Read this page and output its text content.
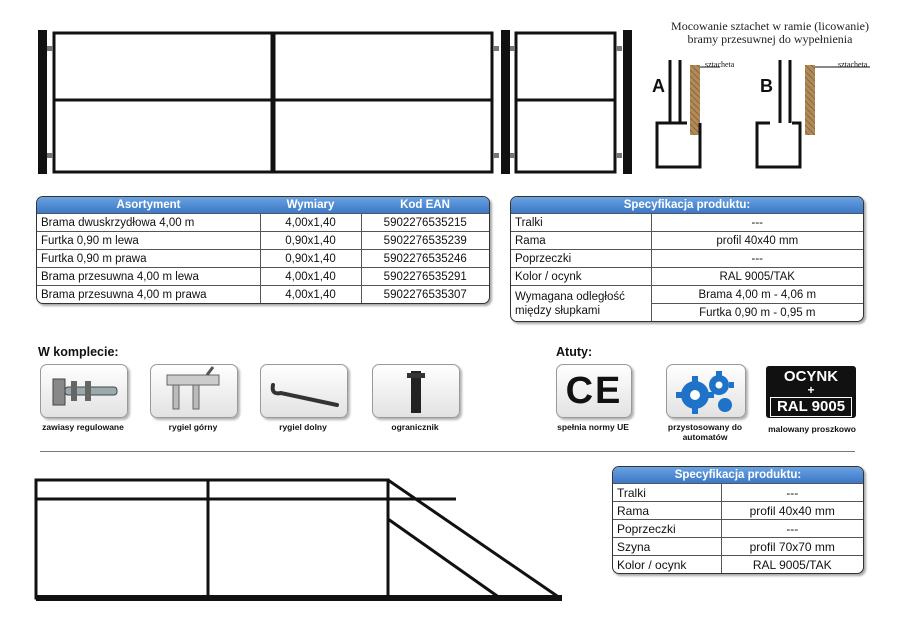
Mocowanie sztachet w ramie (licowanie)
bramy przesuwnej do wypełnienia
A
sztacheta
B
sztacheta
Asortyment	Wymiary	Kod EAN
Brama dwuskrzydłowa 4,00 m	4,00x1,40	5902276535215
Furtka 0,90 m lewa	0,90x1,40	5902276535239
Furtka 0,90 m prawa	0,90x1,40	5902276535246
Brama przesuwna 4,00 m lewa	4,00x1,40	5902276535291
Brama przesuwna 4,00 m prawa	4,00x1,40	5902276535307
Specyfikacja produktu:	
Tralki	---
Rama	profil 40x40 mm
Poprzeczki	---
Kolor / ocynk	RAL 9005/TAK
Wymagana odległość
między słupkami	Brama 4,00 m - 4,06 m
	Furtka 0,90 m - 0,95 m
W komplecie:
zawiasy regulowane	rygiel górny	rygiel dolny	ogranicznik
Atuty:
CE
spełnia normy UE	przystosowany do
automatów
OCYNK
+
RAL 9005
malowany proszkowo
Specyfikacja produktu:	
Tralki	---
Rama	profil 40x40 mm
Poprzeczki	---
Szyna	profil 70x70 mm
Kolor / ocynk	RAL 9005/TAK
